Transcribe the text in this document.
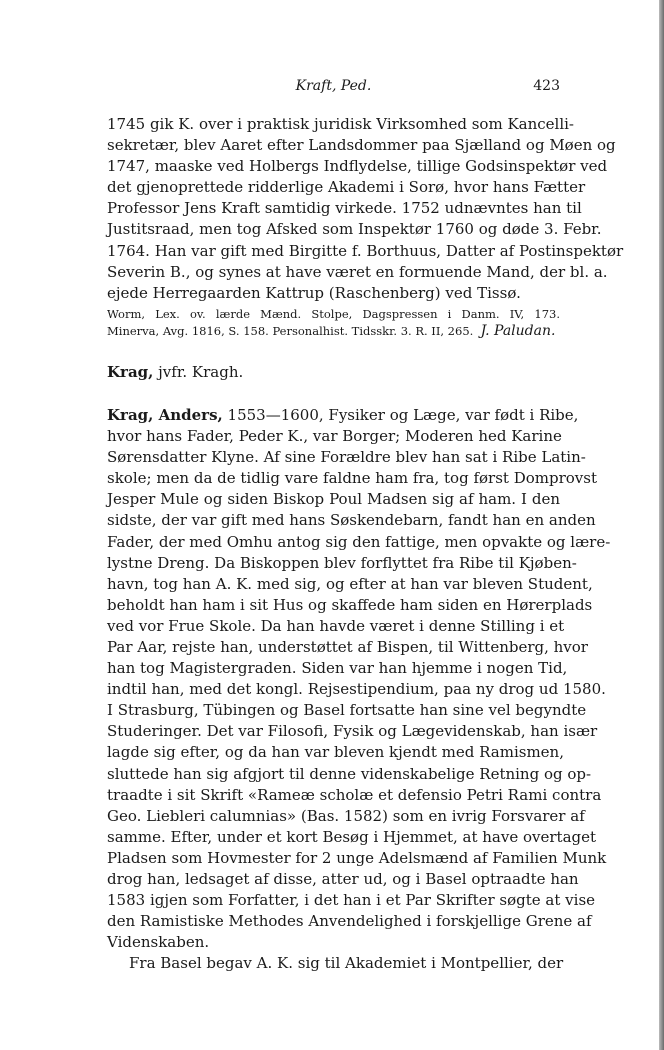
Kraft, Ped.	423
1745 gik K. over i praktisk juridisk Virksomhed som Kancelli-
sekretær, blev Aaret efter Landsdommer paa Sjælland og Møen og
1747, maaske ved Holbergs Indflydelse, tillige Godsinspektør ved
det gjenoprettede ridderlige Akademi i Sorø, hvor hans Fætter
Professor Jens Kraft samtidig virkede. 1752 udnævntes han til
Justitsraad, men tog Afsked som Inspektør 1760 og døde 3. Febr.
1764. Han var gift med Birgitte f. Borthuus, Datter af Postinspektør
Severin B., og synes at have været en formuende Mand, der bl. a.
ejede Herregaarden Kattrup (Raschenberg) ved Tissø.
Worm, Lex. ov. lærde Mænd. Stolpe, Dagspressen i Danm. IV, 173.
Minerva, Avg. 1816, S. 158. Personalhist. Tidsskr. 3. R. II, 265. J. Paludan.
Krag, jvfr. Kragh.
Krag, Anders, 1553—1600, Fysiker og Læge, var født i Ribe,
hvor hans Fader, Peder K., var Borger; Moderen hed Karine
Sørensdatter Klyne. Af sine Forældre blev han sat i Ribe Latin-
skole; men da de tidlig vare faldne ham fra, tog først Domprovst
Jesper Mule og siden Biskop Poul Madsen sig af ham. I den
sidste, der var gift med hans Søskendebarn, fandt han en anden
Fader, der med Omhu antog sig den fattige, men opvakte og lære-
lystne Dreng. Da Biskoppen blev forflyttet fra Ribe til Kjøben-
havn, tog han A. K. med sig, og efter at han var bleven Student,
beholdt han ham i sit Hus og skaffede ham siden en Hørerplads
ved vor Frue Skole. Da han havde været i denne Stilling i et
Par Aar, rejste han, understøttet af Bispen, til Wittenberg, hvor
han tog Magistergraden. Siden var han hjemme i nogen Tid,
indtil han, med det kongl. Rejsestipendium, paa ny drog ud 1580.
I Strasburg, Tübingen og Basel fortsatte han sine vel begyndte
Studeringer. Det var Filosofi, Fysik og Lægevidenskab, han især
lagde sig efter, og da han var bleven kjendt med Ramismen,
sluttede han sig afgjort til denne videnskabelige Retning og op-
traadte i sit Skrift «Rameæ scholæ et defensio Petri Rami contra
Geo. Liebleri calumnias» (Bas. 1582) som en ivrig Forsvarer af
samme. Efter, under et kort Besøg i Hjemmet, at have overtaget
Pladsen som Hovmester for 2 unge Adelsmænd af Familien Munk
drog han, ledsaget af disse, atter ud, og i Basel optraadte han
1583 igjen som Forfatter, i det han i et Par Skrifter søgte at vise
den Ramistiske Methodes Anvendelighed i forskjellige Grene af
Videnskaben.
Fra Basel begav A. K. sig til Akademiet i Montpellier, der
